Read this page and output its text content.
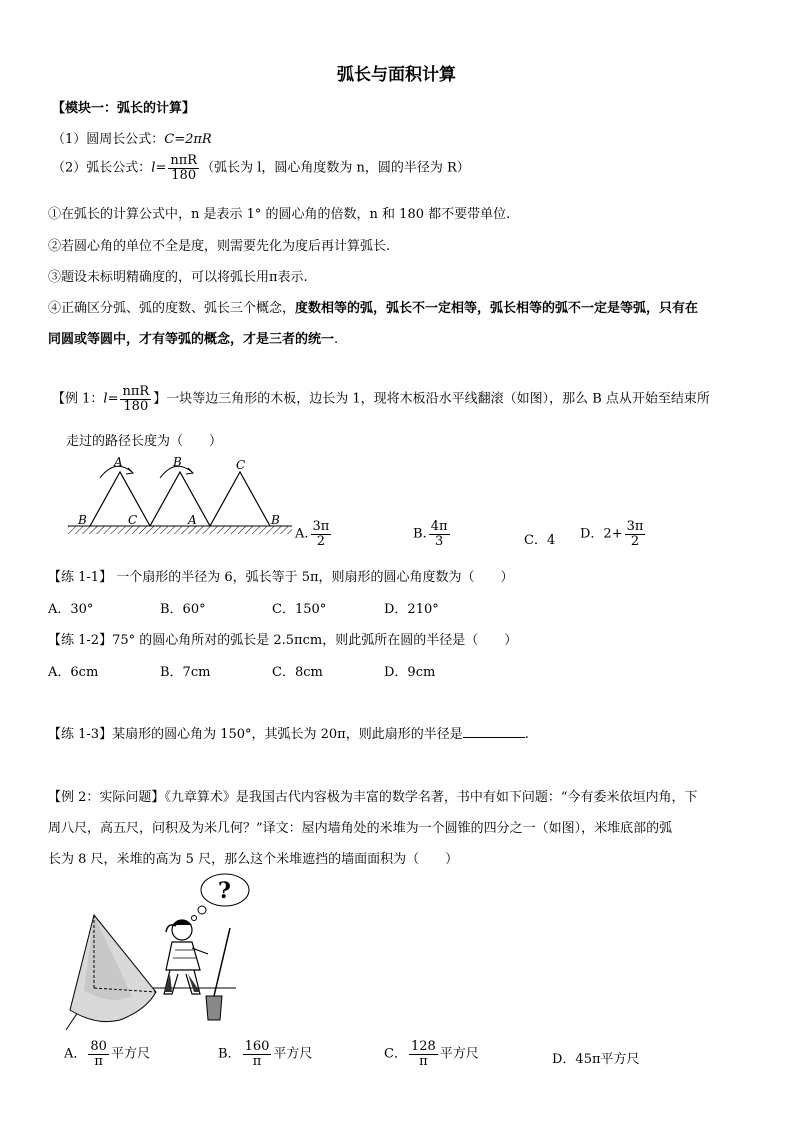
弧长与面积计算
【模块一：弧长的计算】
（1）圆周长公式：C=2πR
（2）弧长公式：$l= \frac{\text{nπR}}{180}$ （弧长为 l，圆心角度数为 n，圆的半径为 R）
①在弧长的计算公式中，n 是表示 1° 的圆心角的倍数，n 和 180 都不要带单位.
②若圆心角的单位不全是度，则需要先化为度后再计算弧长.
③题设未标明精确度的，可以将弧长用π表示.
④正确区分弧、弧的度数、弧长三个概念，度数相等的弧，弧长不一定相等，弧长相等的弧不一定是等弧，只有在
同圆或等圆中，才有等弧的概念，才是三者的统一.
【例 1：$l= \frac{\text{nπR}}{180}$ 】一块等边三角形的木板，边长为 1，现将木板沿水平线翻滚（如图），那么 B 点从开始至结束所
走过的路径长度为（　　）
A	B	C
B	C	A	B
A. $\frac{3\pi}{2}$	B. $\frac{4\pi}{3}$	C．4 D．$2+ \frac{3\pi}{2}$
【练 1-1】 一个扇形的半径为 6，弧长等于 5π，则扇形的圆心角度数为（　　）
A．30°	B．60°	C．150°	D．210°
【练 1-2】75° 的圆心角所对的弧长是 2.5πcm，则此弧所在圆的半径是（　　）
A．6cm	B．7cm	C．8cm	D．9cm
【练 1-3】某扇形的圆心角为 150°，其弧长为 20π，则此扇形的半径是	.
【例 2：实际问题】《九章算术》是我国古代内容极为丰富的数学名著，书中有如下问题：“今有委米依垣内角，下
周八尺，高五尺，问积及为米几何？”译文：屋内墙角处的米堆为一个圆锥的四分之一（如图），米堆底部的弧
长为 8 尺，米堆的高为 5 尺，那么这个米堆遮挡的墙面面积为（　　）
?
A． $\frac{80}{\pi}$ 平方尺	B． $\frac{160}{\pi}$ 平方尺	C． $\frac{128}{\pi}$ 平方尺	D．45π平方尺
